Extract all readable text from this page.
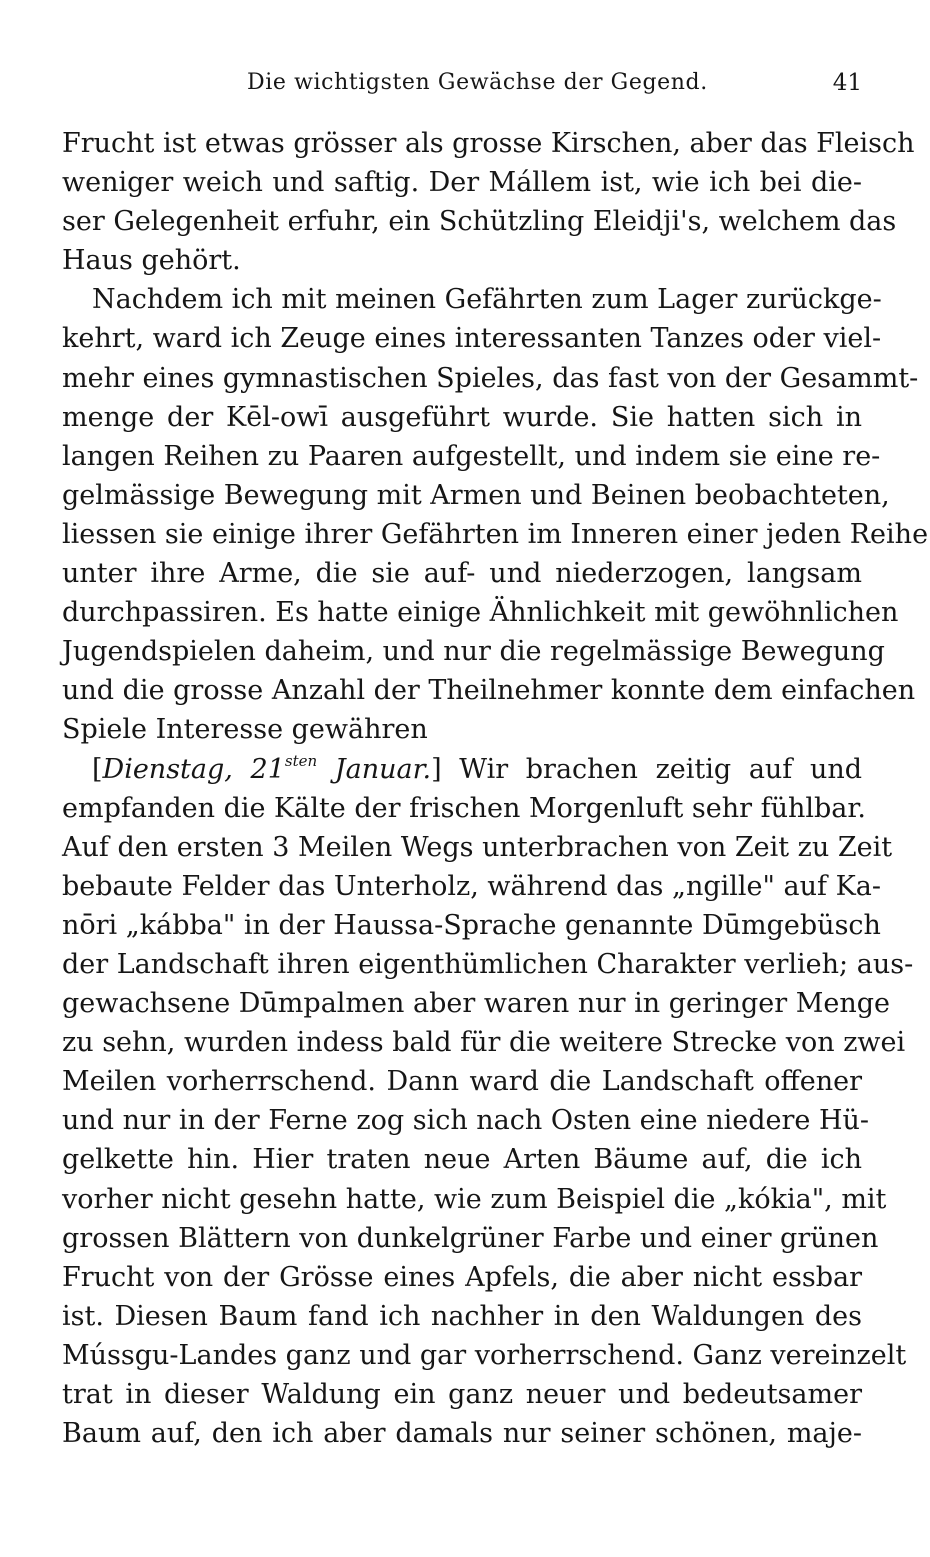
Die wichtigsten Gewächse der Gegend.	41
Frucht ist etwas grösser als grosse Kirschen, aber das Fleisch
weniger weich und saftig. Der Mállem ist, wie ich bei die-
ser Gelegenheit erfuhr, ein Schützling Eleidji's, welchem das
Haus gehört.
Nachdem ich mit meinen Gefährten zum Lager zurückge-
kehrt, ward ich Zeuge eines interessanten Tanzes oder viel-
mehr eines gymnastischen Spieles, das fast von der Gesammt-
menge der Kēl-owī ausgeführt wurde. Sie hatten sich in
langen Reihen zu Paaren aufgestellt, und indem sie eine re-
gelmässige Bewegung mit Armen und Beinen beobachteten,
liessen sie einige ihrer Gefährten im Inneren einer jeden Reihe
unter ihre Arme, die sie auf- und niederzogen, langsam
durchpassiren. Es hatte einige Ähnlichkeit mit gewöhnlichen
Jugendspielen daheim, und nur die regelmässige Bewegung
und die grosse Anzahl der Theilnehmer konnte dem einfachen
Spiele Interesse gewähren
[Dienstag, $21^{sten}$ Januar.] Wir brachen zeitig auf und
empfanden die Kälte der frischen Morgenluft sehr fühlbar.
Auf den ersten 3 Meilen Wegs unterbrachen von Zeit zu Zeit
bebaute Felder das Unterholz, während das „ngille" auf Ka-
nōri „kábba" in der Haussa-Sprache genannte Dūmgebüsch
der Landschaft ihren eigenthümlichen Charakter verlieh; aus-
gewachsene Dūmpalmen aber waren nur in geringer Menge
zu sehn, wurden indess bald für die weitere Strecke von zwei
Meilen vorherrschend. Dann ward die Landschaft offener
und nur in der Ferne zog sich nach Osten eine niedere Hü-
gelkette hin. Hier traten neue Arten Bäume auf, die ich
vorher nicht gesehn hatte, wie zum Beispiel die „kókia", mit
grossen Blättern von dunkelgrüner Farbe und einer grünen
Frucht von der Grösse eines Apfels, die aber nicht essbar
ist. Diesen Baum fand ich nachher in den Waldungen des
Mússgu-Landes ganz und gar vorherrschend. Ganz vereinzelt
trat in dieser Waldung ein ganz neuer und bedeutsamer
Baum auf, den ich aber damals nur seiner schönen, maje-
